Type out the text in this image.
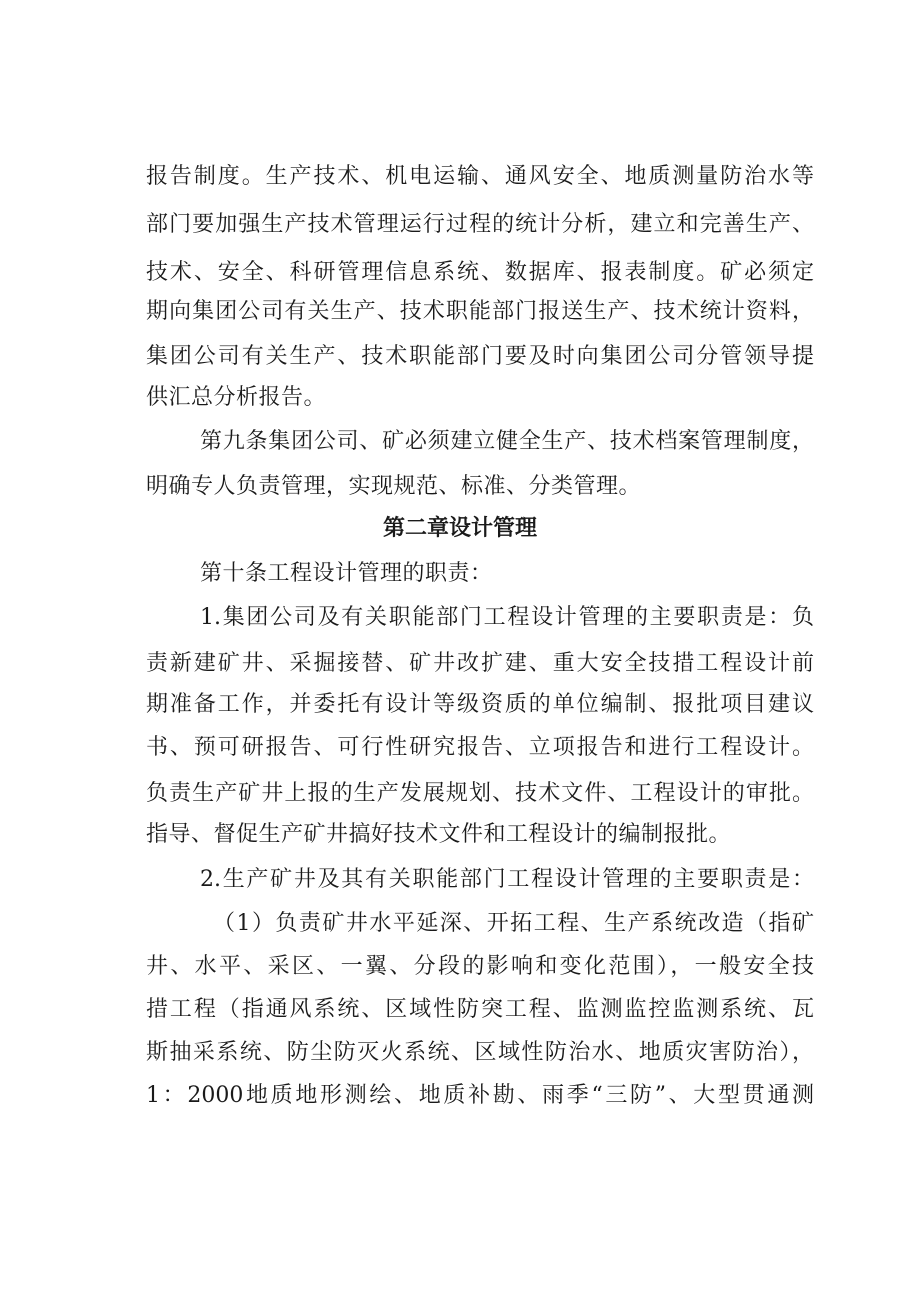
报告制度。生产技术、机电运输、通风安全、地质测量防治水等
部门要加强生产技术管理运行过程的统计分析，建立和完善生产、
技术、安全、科研管理信息系统、数据库、报表制度。矿必须定
期向集团公司有关生产、技术职能部门报送生产、技术统计资料，
集团公司有关生产、技术职能部门要及时向集团公司分管领导提
供汇总分析报告。
第九条集团公司、矿必须建立健全生产、技术档案管理制度，
明确专人负责管理，实现规范、标准、分类管理。
第二章设计管理
第十条工程设计管理的职责：
1.集团公司及有关职能部门工程设计管理的主要职责是：负
责新建矿井、采掘接替、矿井改扩建、重大安全技措工程设计前
期准备工作，并委托有设计等级资质的单位编制、报批项目建议
书、预可研报告、可行性研究报告、立项报告和进行工程设计。
负责生产矿井上报的生产发展规划、技术文件、工程设计的审批。
指导、督促生产矿井搞好技术文件和工程设计的编制报批。
2.生产矿井及其有关职能部门工程设计管理的主要职责是：
（1）负责矿井水平延深、开拓工程、生产系统改造（指矿
井、水平、采区、一翼、分段的影响和变化范围），一般安全技
措工程（指通风系统、区域性防突工程、监测监控监测系统、瓦
斯抽采系统、防尘防灭火系统、区域性防治水、地质灾害防治），
1：2000地质地形测绘、地质补勘、雨季“三防”、大型贯通测
